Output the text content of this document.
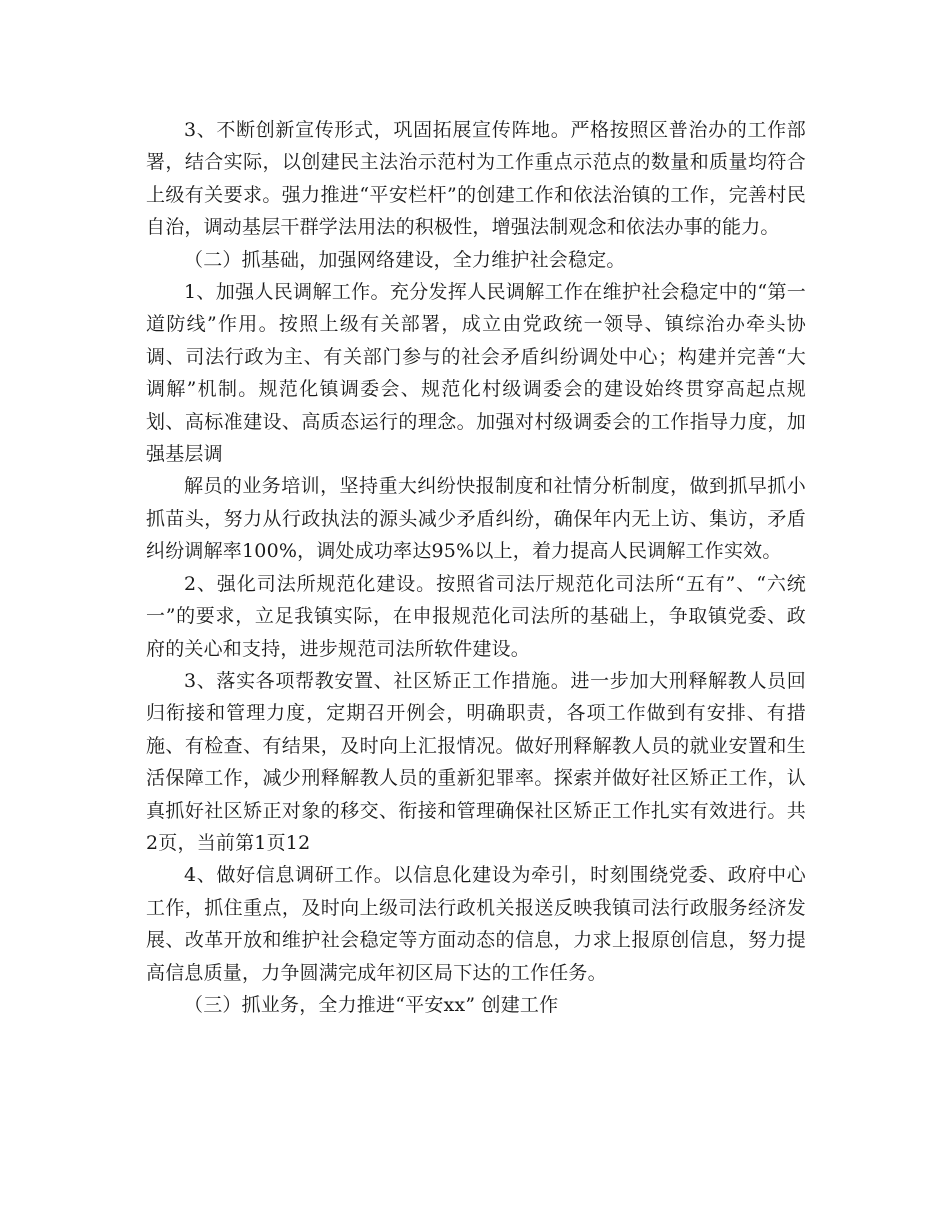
3、不断创新宣传形式，巩固拓展宣传阵地。严格按照区普治办的工作部署，结合实际，以创建民主法治示范村为工作重点示范点的数量和质量均符合上级有关要求。强力推进“平安栏杆”的创建工作和依法治镇的工作，完善村民自治，调动基层干群学法用法的积极性，增强法制观念和依法办事的能力。

（二）抓基础，加强网络建设，全力维护社会稳定。

1、加强人民调解工作。充分发挥人民调解工作在维护社会稳定中的“第一道防线”作用。按照上级有关部署，成立由党政统一领导、镇综治办牵头协调、司法行政为主、有关部门参与的社会矛盾纠纷调处中心；构建并完善“大调解”机制。规范化镇调委会、规范化村级调委会的建设始终贯穿高起点规划、高标准建设、高质态运行的理念。加强对村级调委会的工作指导力度，加强基层调

解员的业务培训，坚持重大纠纷快报制度和社情分析制度，做到抓早抓小抓苗头，努力从行政执法的源头减少矛盾纠纷，确保年内无上访、集访，矛盾纠纷调解率100%，调处成功率达95%以上，着力提高人民调解工作实效。

2、强化司法所规范化建设。按照省司法厅规范化司法所“五有”、“六统一”的要求，立足我镇实际，在申报规范化司法所的基础上，争取镇党委、政府的关心和支持，进步规范司法所软件建设。

3、落实各项帮教安置、社区矫正工作措施。进一步加大刑释解教人员回归衔接和管理力度，定期召开例会，明确职责，各项工作做到有安排、有措施、有检查、有结果，及时向上汇报情况。做好刑释解教人员的就业安置和生活保障工作，减少刑释解教人员的重新犯罪率。探索并做好社区矫正工作，认真抓好社区矫正对象的移交、衔接和管理确保社区矫正工作扎实有效进行。共2页，当前第1页12

4、做好信息调研工作。以信息化建设为牵引，时刻围绕党委、政府中心工作，抓住重点，及时向上级司法行政机关报送反映我镇司法行政服务经济发展、改革开放和维护社会稳定等方面动态的信息，力求上报原创信息，努力提高信息质量，力争圆满完成年初区局下达的工作任务。

（三）抓业务，全力推进“平安xx” 创建工作
